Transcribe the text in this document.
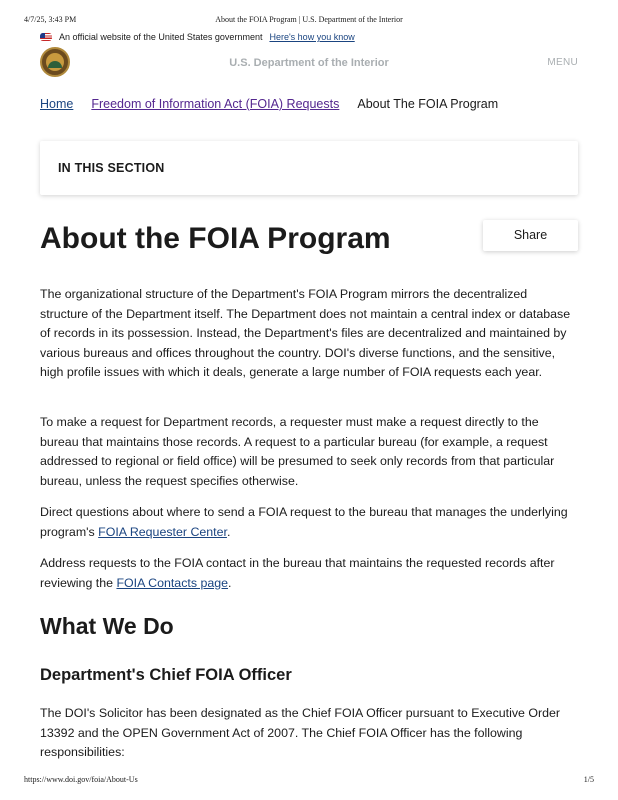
4/7/25, 3:43 PM	About the FOIA Program | U.S. Department of the Interior
An official website of the United States government Here's how you know
U.S. Department of the Interior	MENU
Home Freedom of Information Act (FOIA) Requests About The FOIA Program
IN THIS SECTION
About the FOIA Program	Share

The organizational structure of the Department's FOIA Program mirrors the decentralized structure of the Department itself. The Department does not maintain a central index or database of records in its possession. Instead, the Department's files are decentralized and maintained by various bureaus and offices throughout the country. DOI's diverse functions, and the sensitive, high profile issues with which it deals, generate a large number of FOIA requests each year.

To make a request for Department records, a requester must make a request directly to the bureau that maintains those records. A request to a particular bureau (for example, a request addressed to regional or field office) will be presumed to seek only records from that particular bureau, unless the request specifies otherwise.

Direct questions about where to send a FOIA request to the bureau that manages the underlying program's FOIA Requester Center.

Address requests to the FOIA contact in the bureau that maintains the requested records after reviewing the FOIA Contacts page.

What We Do
Department's Chief FOIA Officer

The DOI's Solicitor has been designated as the Chief FOIA Officer pursuant to Executive Order 13392 and the OPEN Government Act of 2007. The Chief FOIA Officer has the following responsibilities:

https://www.doi.gov/foia/About-Us	1/5
